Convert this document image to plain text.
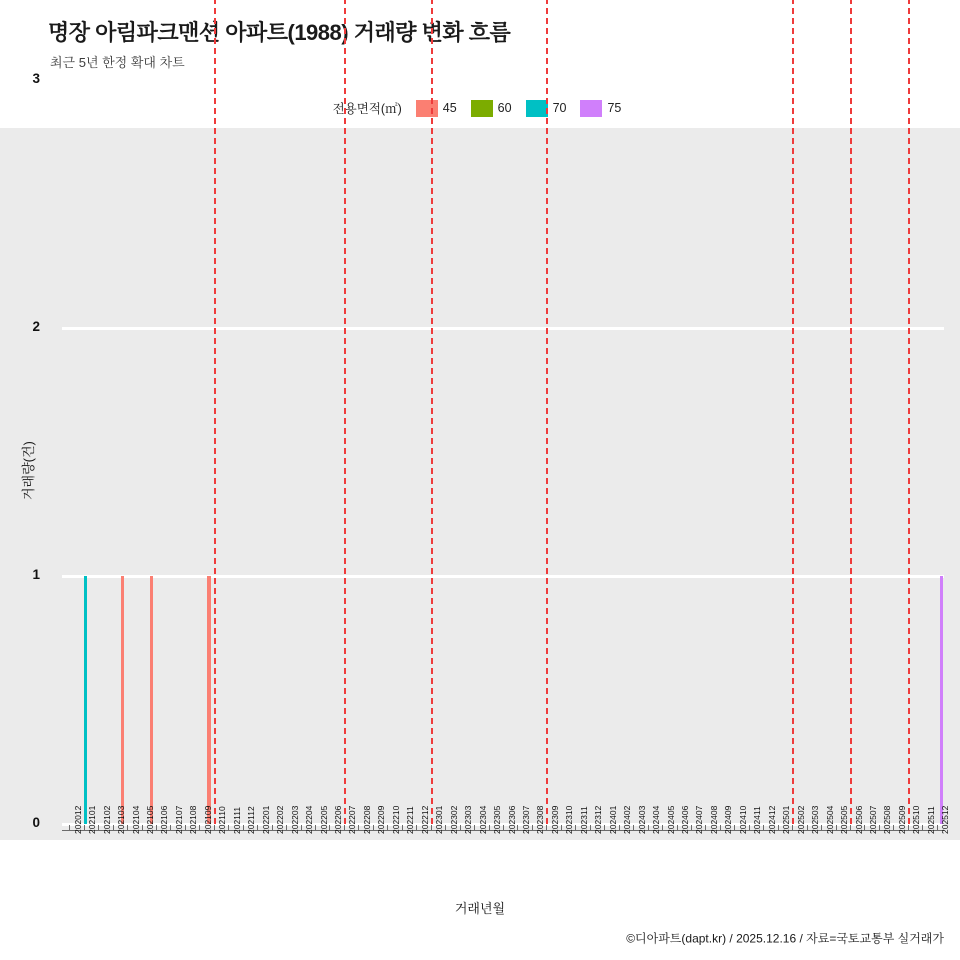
명장 아림파크맨션 아파트(1988) 거래량 변화 흐름
최근 5년 한정 확대 차트
전용면적(㎡)	45	60	70	75
0
1
2
3
202012 202101 202102 202103 202104 202105 202106 202107 202108 202109 202110 202111 202112 202201 202202 202203 202204 202205 202206 202207 202208 202209 202210 202211 202212 202301 202302 202303 202304 202305 202306 202307 202308 202309 202310 202311 202312 202401 202402 202403 202404 202405 202406 202407 202408 202409 202410 202411 202412 202501 202502 202503 202504 202505 202506 202507 202508 202509 202510 202511 202512
거래량(건)
거래년월
©디아파트(dapt.kr) / 2025.12.16 / 자료=국토교통부 실거래가
